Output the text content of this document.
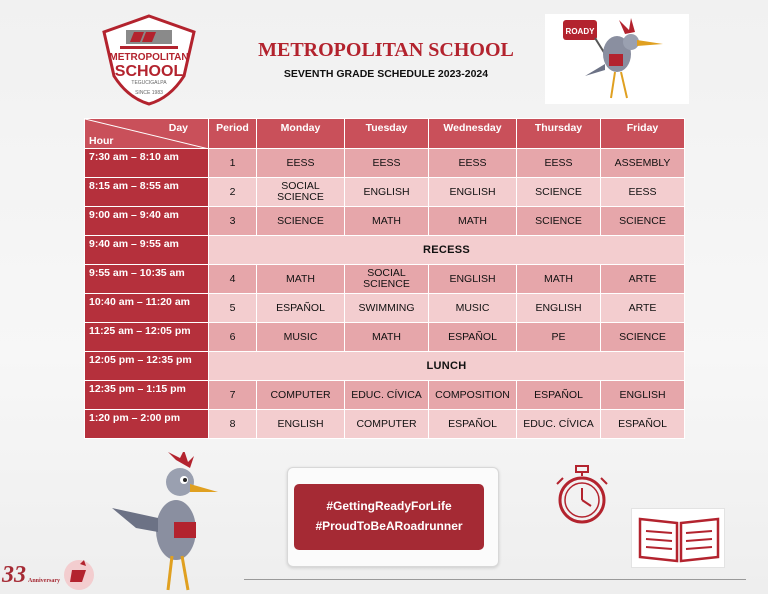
METROPOLITAN
SCHOOL
TEGUCIGALPA
SINCE 1983
METROPOLITAN SCHOOL
SEVENTH GRADE SCHEDULE 2023-2024
ROADY
Day
Hour	Period	Monday	Tuesday	Wednesday	Thursday	Friday
7:30 am – 8:10 am	1	EESS	EESS	EESS	EESS	ASSEMBLY
8:15 am – 8:55 am	2	SOCIAL SCIENCE	ENGLISH	ENGLISH	SCIENCE	EESS
9:00 am – 9:40 am	3	SCIENCE	MATH	MATH	SCIENCE	SCIENCE
9:40 am – 9:55 am	RECESS					
9:55 am – 10:35 am	4	MATH	SOCIAL SCIENCE	ENGLISH	MATH	ARTE
10:40 am – 11:20 am	5	ESPAÑOL	SWIMMING	MUSIC	ENGLISH	ARTE
11:25 am – 12:05 pm	6	MUSIC	MATH	ESPAÑOL	PE	SCIENCE
12:05 pm – 12:35 pm	LUNCH					
12:35 pm – 1:15 pm	7	COMPUTER	EDUC. CÍVICA	COMPOSITION	ESPAÑOL	ENGLISH
1:20 pm – 2:00 pm	8	ENGLISH	COMPUTER	ESPAÑOL	EDUC. CÍVICA	ESPAÑOL
#GettingReadyForLife
#ProudToBeARoadrunner
33 Anniversary
